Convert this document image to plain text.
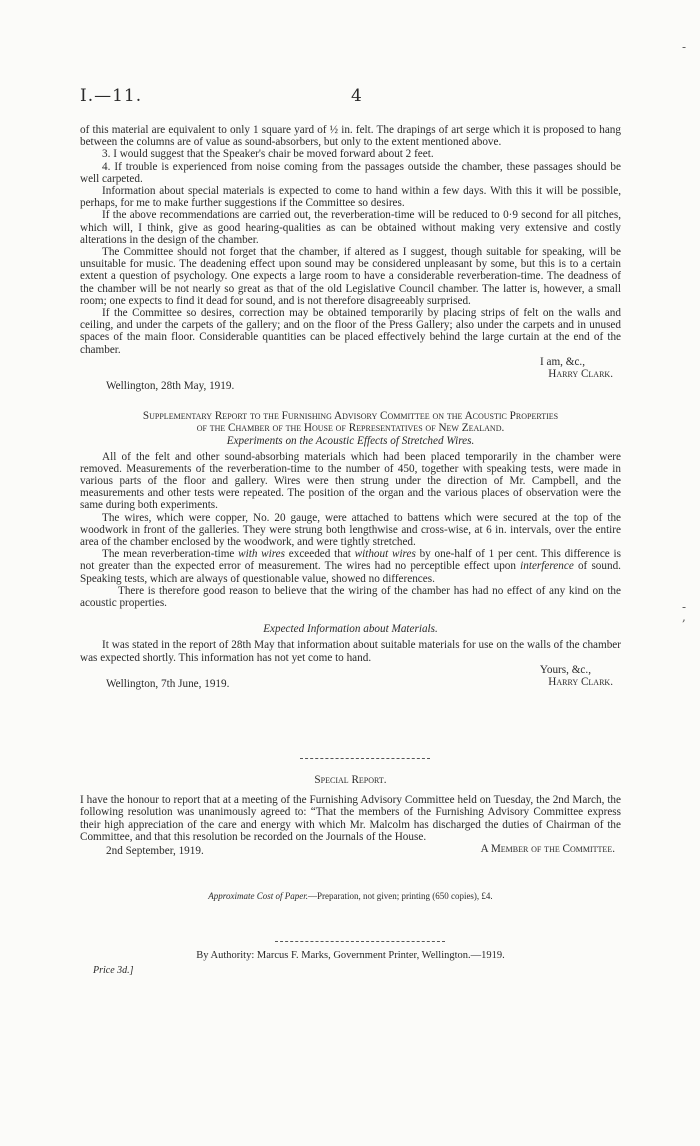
I.—11.	4
-
-
,

of this material are equivalent to only 1 square yard of ½ in. felt. The drapings of art serge which it is proposed to hang between the columns are of value as sound-absorbers, but only to the extent mentioned above.

3. I would suggest that the Speaker's chair be moved forward about 2 feet.

4. If trouble is experienced from noise coming from the passages outside the chamber, these passages should be well carpeted.

Information about special materials is expected to come to hand within a few days. With this it will be possible, perhaps, for me to make further suggestions if the Committee so desires.

If the above recommendations are carried out, the reverberation-time will be reduced to 0·9 second for all pitches, which will, I think, give as good hearing-qualities as can be obtained without making very extensive and costly alterations in the design of the chamber.

The Committee should not forget that the chamber, if altered as I suggest, though suitable for speaking, will be unsuitable for music. The deadening effect upon sound may be considered unpleasant by some, but this is to a certain extent a question of psychology. One expects a large room to have a considerable reverberation-time. The deadness of the chamber will be not nearly so great as that of the old Legislative Council chamber. The latter is, however, a small room; one expects to find it dead for sound, and is not therefore disagreeably surprised.

If the Committee so desires, correction may be obtained temporarily by placing strips of felt on the walls and ceiling, and under the carpets of the gallery; and on the floor of the Press Gallery; also under the carpets and in unused spaces of the main floor. Considerable quantities can be placed effectively behind the large curtain at the end of the chamber.

I am, &c.,

Harry Clark.

Wellington, 28th May, 1919.

Supplementary Report to the Furnishing Advisory Committee on the Acoustic Properties

of the Chamber of the House of Representatives of New Zealand.

Experiments on the Acoustic Effects of Stretched Wires.

All of the felt and other sound-absorbing materials which had been placed temporarily in the chamber were removed. Measurements of the reverberation-time to the number of 450, together with speaking tests, were made in various parts of the floor and gallery. Wires were then strung under the direction of Mr. Campbell, and the measurements and other tests were repeated. The position of the organ and the various places of observation were the same during both experiments.

The wires, which were copper, No. 20 gauge, were attached to battens which were secured at the top of the woodwork in front of the galleries. They were strung both lengthwise and cross-wise, at 6 in. intervals, over the entire area of the chamber enclosed by the woodwork, and were tightly stretched.

The mean reverberation-time with wires exceeded that without wires by one-half of 1 per cent. This difference is not greater than the expected error of measurement. The wires had no perceptible effect upon interference of sound. Speaking tests, which are always of questionable value, showed no differences.

There is therefore good reason to believe that the wiring of the chamber has had no effect of any kind on the acoustic properties.

Expected Information about Materials.

It was stated in the report of 28th May that information about suitable materials for use on the walls of the chamber was expected shortly. This information has not yet come to hand.

Yours, &c.,

Wellington, 7th June, 1919.	Harry Clark.

Special Report.

I have the honour to report that at a meeting of the Furnishing Advisory Committee held on Tuesday, the 2nd March, the following resolution was unanimously agreed to: “That the members of the Furnishing Advisory Committee express their high appreciation of the care and energy with which Mr. Malcolm has discharged the duties of Chairman of the Committee, and that this resolution be recorded on the Journals of the House.

2nd September, 1919.	A Member of the Committee.
Approximate Cost of Paper.—Preparation, not given; printing (650 copies), £4.
By Authority: Marcus F. Marks, Government Printer, Wellington.—1919.
Price 3d.]
